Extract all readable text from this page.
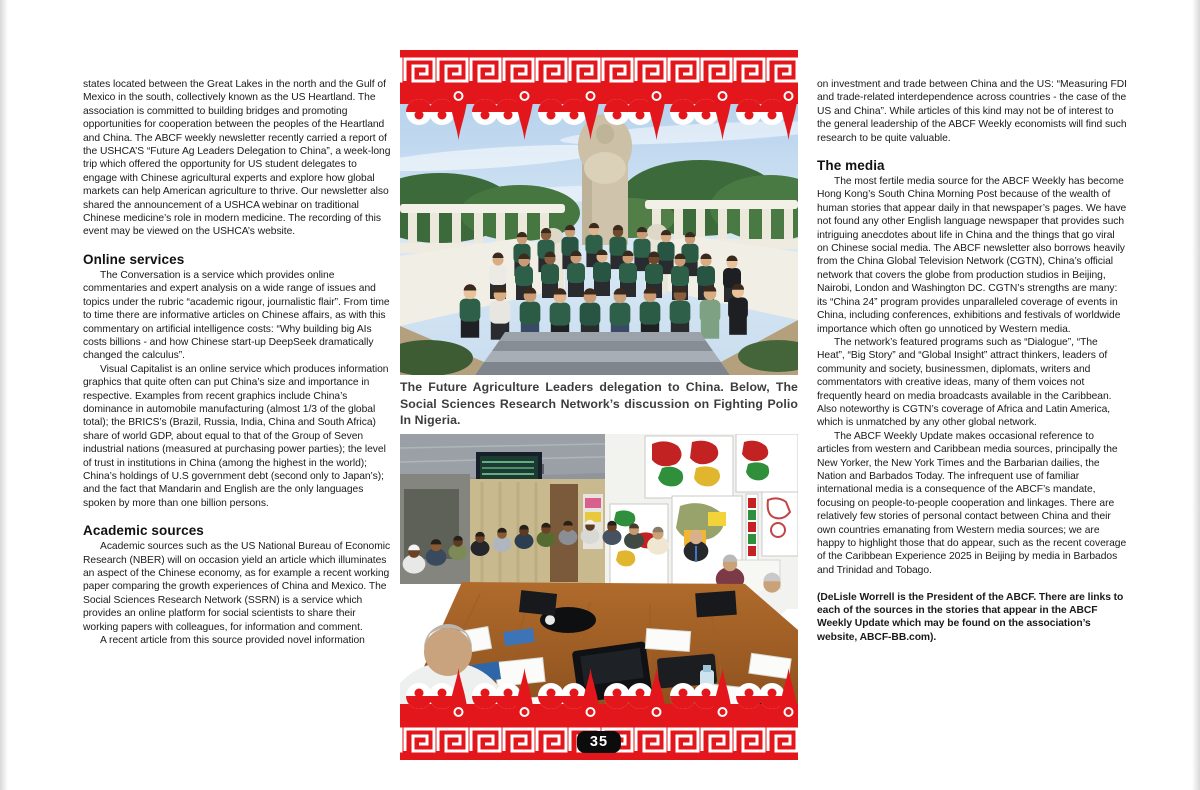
states located between the Great Lakes in the north and the Gulf of Mexico in the south, collectively known as the US Heartland. The association is committed to building bridges and promoting opportunities for cooperation between the peoples of the Heartland and China. The ABCF weekly newsletter recently carried a report of the USHCA’S “Future Ag Leaders Delegation to China”, a week-long trip which offered the opportunity for US student delegates to engage with Chinese agricultural experts and explore how global markets can help American agriculture to thrive. Our newsletter also shared the announcement of a USHCA webinar on traditional Chinese medicine’s role in modern medicine. The recording of this event may be viewed on the USHCA’s website.

Online services

The Conversation is a service which provides online commentaries and expert analysis on a wide range of issues and topics under the rubric “academic rigour, journalistic flair”. From time to time there are informative articles on Chinese affairs, as with this commentary on artificial intelligence costs: “Why building big AIs costs billions - and how Chinese start-up DeepSeek dramatically changed the calculus”.

Visual Capitalist is an online service which produces information graphics that quite often can put China’s size and importance in respective. Examples from recent graphics include China’s dominance in automobile manufacturing (almost 1/3 of the global total); the BRICS’s (Brazil, Russia, India, China and South Africa) share of world GDP, about equal to that of the Group of Seven industrial nations (measured at purchasing power parties); the level of trust in institutions in China (among the highest in the world); China’s holdings of U.S government debt (second only to Japan’s); and the fact that Mandarin and English are the only languages spoken by more than one billion persons.

Academic sources

Academic sources such as the US National Bureau of Economic Research (NBER) will on occasion yield an article which illuminates an aspect of the Chinese economy, as for example a recent working paper comparing the growth experiences of China and Mexico. The Social Sciences Research Network (SSRN) is a service which provides an online platform for social scientists to share their working papers with colleagues, for information and comment.

A recent article from this source provided novel information

on investment and trade between China and the US: “Measuring FDI and trade-related interdependence across countries - the case of the US and China”. While articles of this kind may not be of interest to the general leadership of the ABCF Weekly economists will find such research to be quite valuable.

The media

The most fertile media source for the ABCF Weekly has become Hong Kong’s South China Morning Post because of the wealth of human stories that appear daily in that newspaper’s pages. We have not found any other English language newspaper that provides such intriguing anecdotes about life in China and the things that go viral on Chinese social media. The ABCF newsletter also borrows heavily from the China Global Television Network (CGTN), China’s official network that covers the globe from production studios in Beijing, Nairobi, London and Washington DC. CGTN’s strengths are many: its “China 24” program provides unparalleled coverage of events in China, including conferences, exhibitions and festivals of worldwide importance which often go unnoticed by Western media.

The network’s featured programs such as “Dialogue”, “The Heat”, “Big Story” and “Global Insight” attract thinkers, leaders of community and society, businessmen, diplomats, writers and commentators with creative ideas, many of them voices not frequently heard on media broadcasts available in the Caribbean. Also noteworthy is CGTN’s coverage of Africa and Latin America, which is unmatched by any other global network.

The ABCF Weekly Update makes occasional reference to articles from western and Caribbean media sources, principally the New Yorker, the New York Times and the Barbarian dailies, the Nation and Barbados Today. The infrequent use of familiar international media is a consequence of the ABCF’s mandate, focusing on people-to-people cooperation and linkages. There are relatively few stories of personal contact between China and their own countries emanating from Western media sources; we are happy to highlight those that do appear, such as the recent coverage of the Caribbean Experience 2025 in Beijing by media in Barbados and Trinidad and Tobago.

(DeLisle Worrell is the President of the ABCF. There are links to each of the sources in the stories that appear in the ABCF Weekly Update which may be found on the association’s website, ABCF-BB.com).

The Future Agriculture Leaders delegation to China. Below, The Social Sciences Research Network’s discussion on Fighting Polio In Nigeria.

35
